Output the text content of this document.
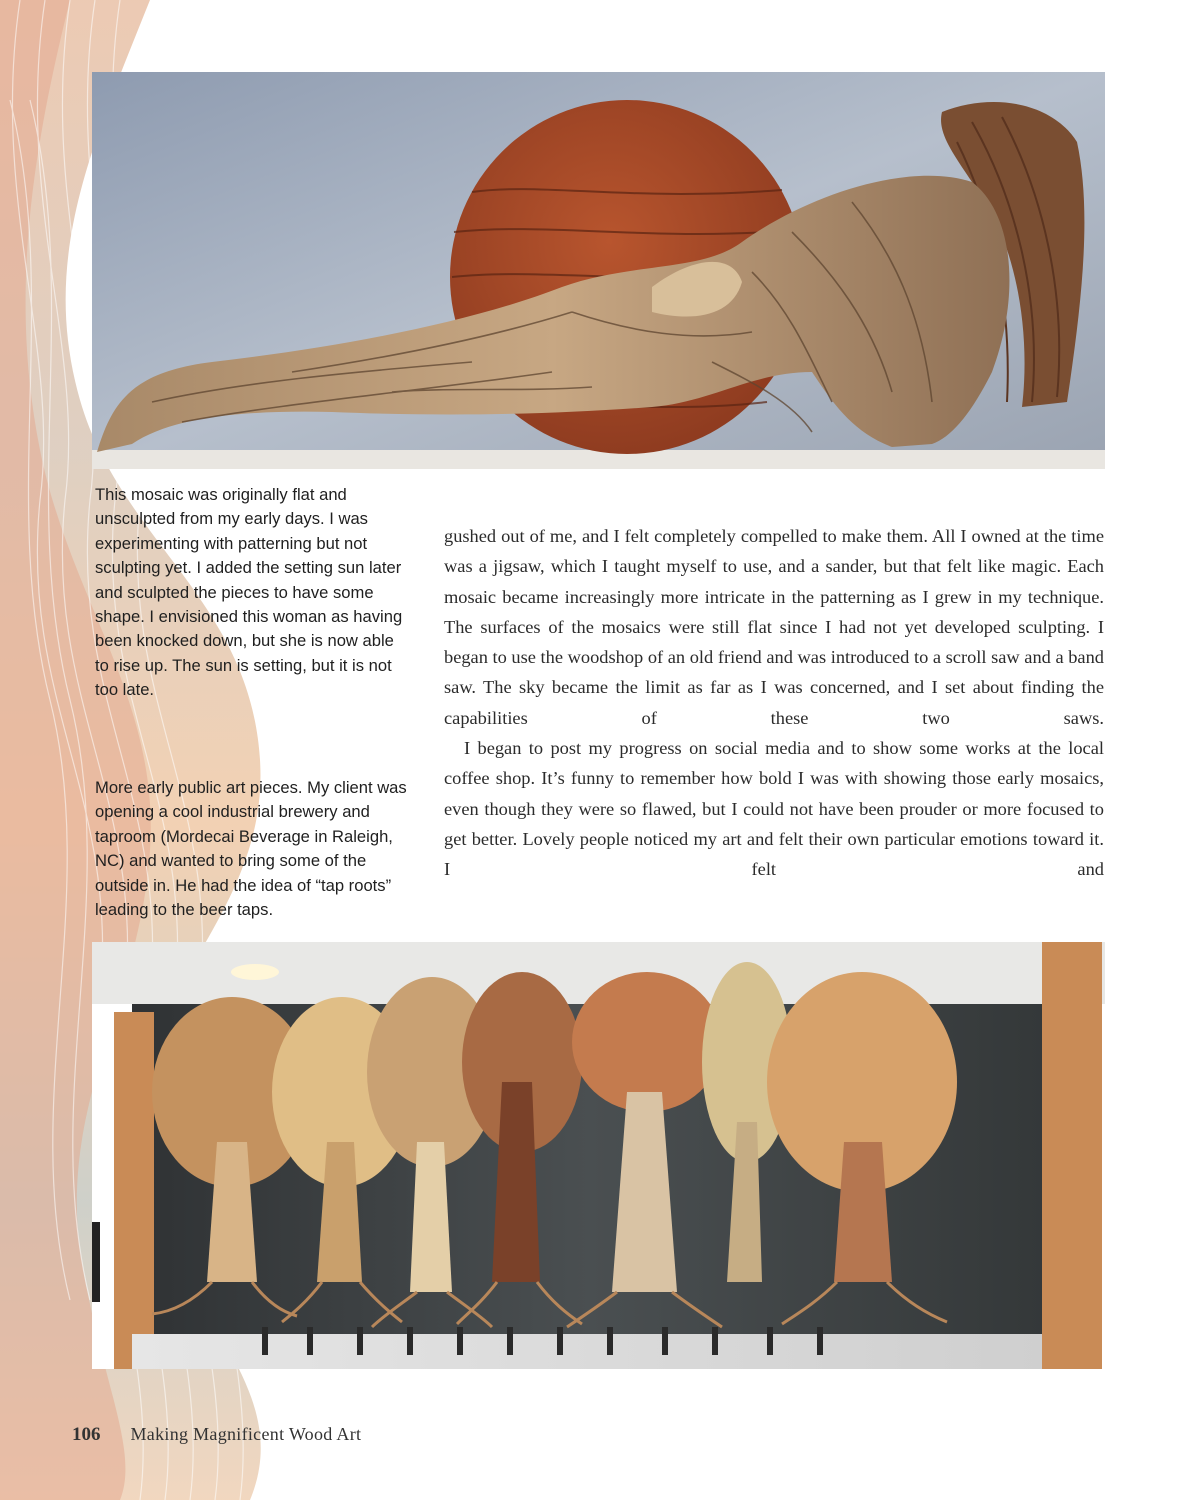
This mosaic was originally flat and unsculpted from my early days. I was experimenting with patterning but not sculpting yet. I added the setting sun later and sculpted the pieces to have some shape. I envisioned this woman as having been knocked down, but she is now able to rise up. The sun is setting, but it is not too late.
More early public art pieces. My client was opening a cool industrial brewery and taproom (Mordecai Beverage in Raleigh, NC) and wanted to bring some of the outside in. He had the idea of “tap roots” leading to the beer taps.

gushed out of me, and I felt completely compelled to make them. All I owned at the time was a jigsaw, which I taught myself to use, and a sander, but that felt like magic. Each mosaic became increasingly more intricate in the patterning as I grew in my technique. The surfaces of the mosaics were still flat since I had not yet developed sculpting. I began to use the woodshop of an old friend and was introduced to a scroll saw and a band saw. The sky became the limit as far as I was concerned, and I set about finding the capabilities of these two saws.

I began to post my progress on social media and to show some works at the local coffee shop. It’s funny to remember how bold I was with showing those early mosaics, even though they were so flawed, but I could not have been prouder or more focused to get better. Lovely people noticed my art and felt their own particular emotions toward it. I felt and

106 Making Magnificent Wood Art
